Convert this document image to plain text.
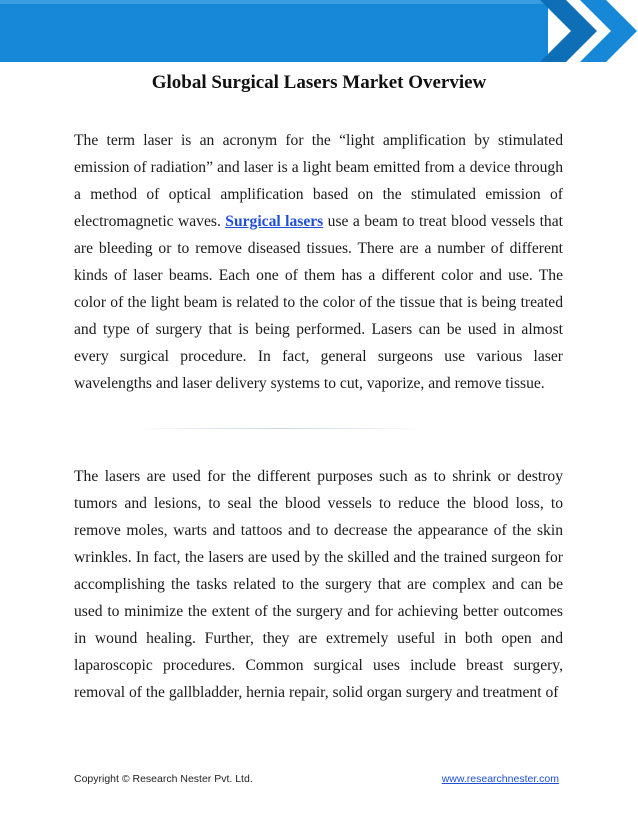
Global Surgical Lasers Market Overview

The term laser is an acronym for the “light amplification by stimulated emission of radiation” and laser is a light beam emitted from a device through a method of optical amplification based on the stimulated emission of electromagnetic waves. Surgical lasers use a beam to treat blood vessels that are bleeding or to remove diseased tissues. There are a number of different kinds of laser beams. Each one of them has a different color and use. The color of the light beam is related to the color of the tissue that is being treated and type of surgery that is being performed. Lasers can be used in almost every surgical procedure. In fact, general surgeons use various laser wavelengths and laser delivery systems to cut, vaporize, and remove tissue.

The lasers are used for the different purposes such as to shrink or destroy tumors and lesions, to seal the blood vessels to reduce the blood loss, to remove moles, warts and tattoos and to decrease the appearance of the skin wrinkles. In fact, the lasers are used by the skilled and the trained surgeon for accomplishing the tasks related to the surgery that are complex and can be used to minimize the extent of the surgery and for achieving better outcomes in wound healing. Further, they are extremely useful in both open and laparoscopic procedures. Common surgical uses include breast surgery, removal of the gallbladder, hernia repair, solid organ surgery and treatment of

Copyright © Research Nester Pvt. Ltd.	www.researchnester.com
